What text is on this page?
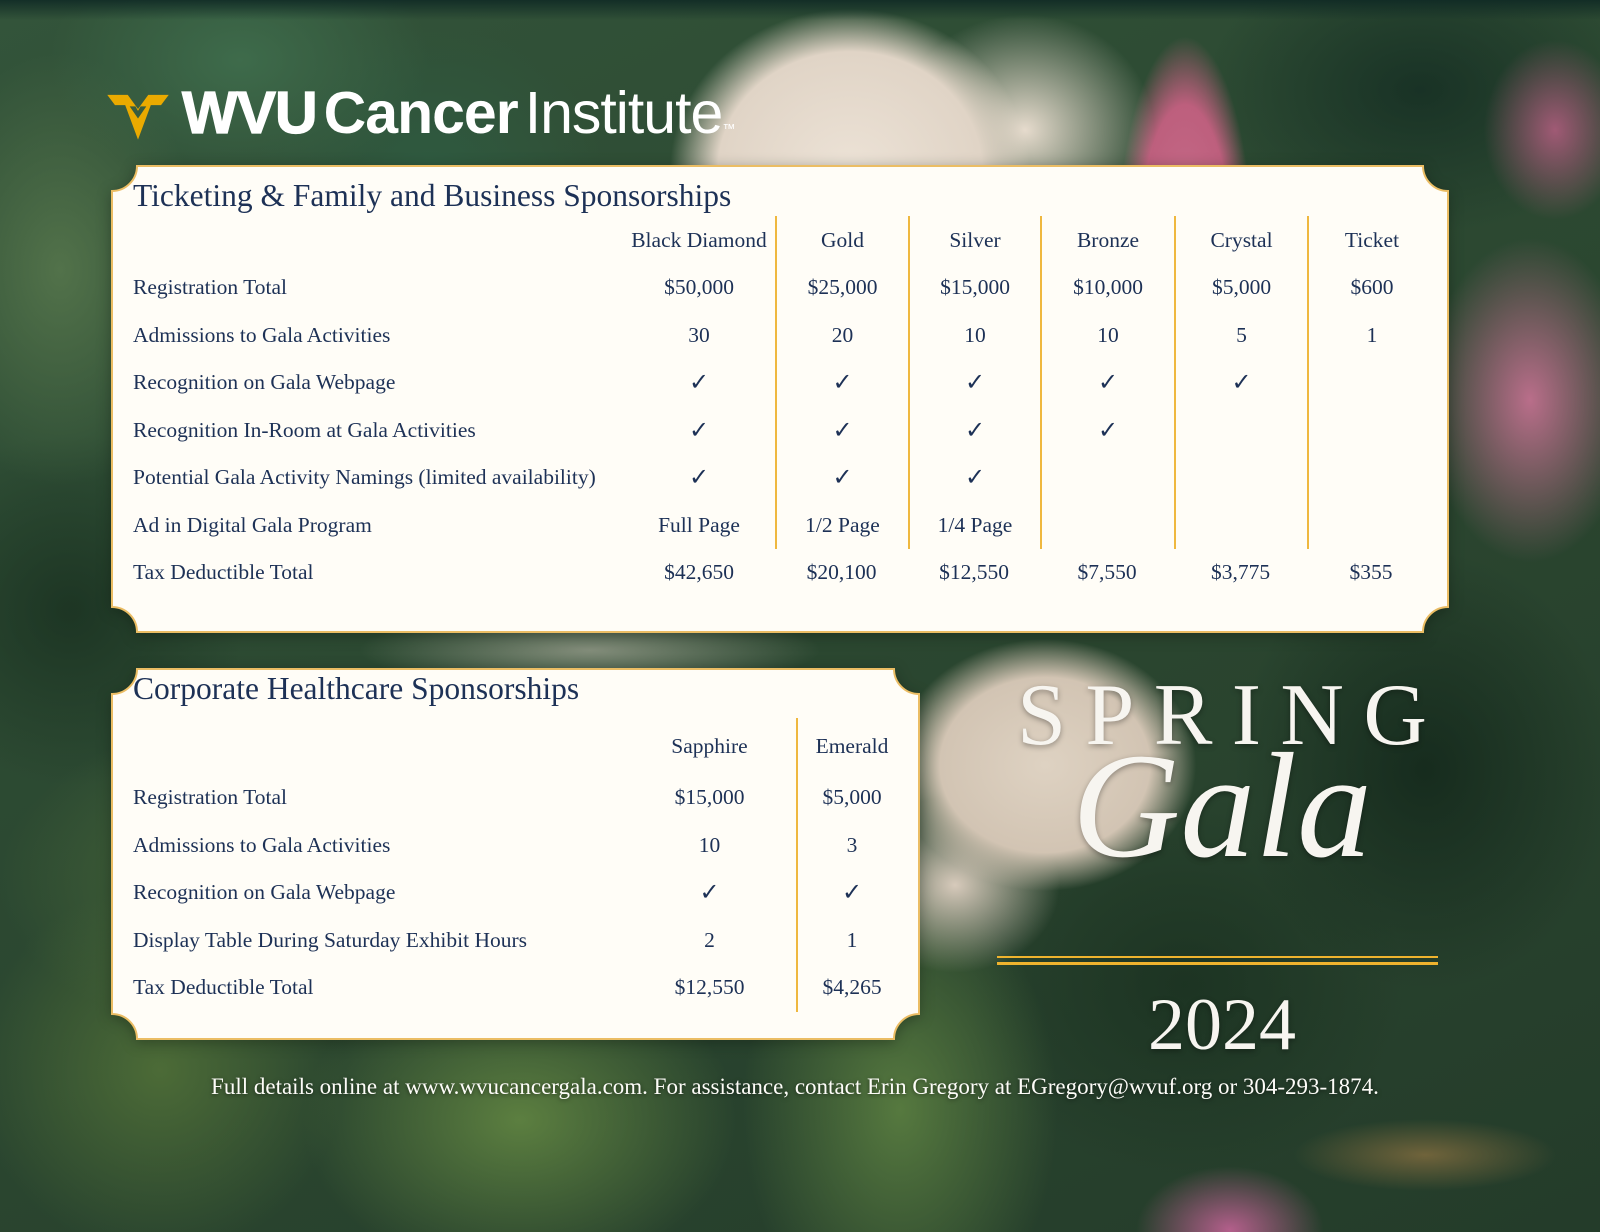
WVU Cancer Institute™
Ticketing & Family and Business Sponsorships
Black Diamond	Gold	Silver	Bronze	Crystal	Ticket
Registration Total	$50,000	$25,000	$15,000	$10,000	$5,000	$600
Admissions to Gala Activities	30	20	10	10	5	1
Recognition on Gala Webpage	✓	✓	✓	✓	✓
Recognition In-Room at Gala Activities	✓	✓	✓	✓
Potential Gala Activity Namings (limited availability)	✓	✓	✓
Ad in Digital Gala Program	Full Page	1/2 Page	1/4 Page
Tax Deductible Total	$42,650	$20,100	$12,550	$7,550	$3,775	$355
Corporate Healthcare Sponsorships
Sapphire	Emerald
Registration Total	$15,000	$5,000
Admissions to Gala Activities	10	3
Recognition on Gala Webpage	✓	✓
Display Table During Saturday Exhibit Hours	2	1
Tax Deductible Total	$12,550	$4,265
SPRING
Gala
2024

Full details online at www.wvucancergala.com. For assistance, contact Erin Gregory at EGregory@wvuf.org or 304-293-1874.
